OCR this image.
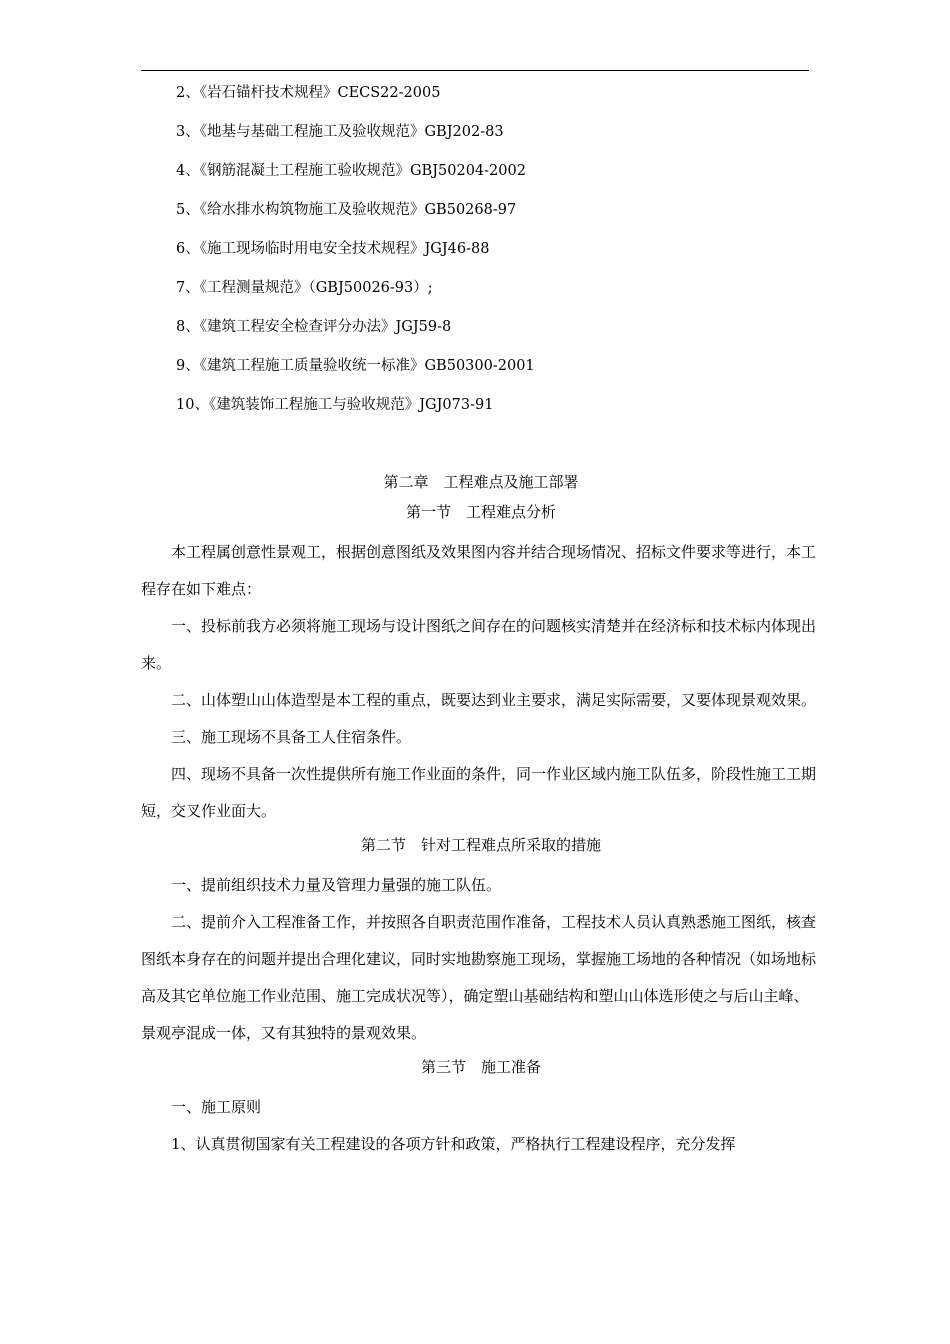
2、《岩石锚杆技术规程》CECS22-2005
3、《地基与基础工程施工及验收规范》GBJ202-83
4、《钢筋混凝土工程施工验收规范》GBJ50204-2002
5、《给水排水构筑物施工及验收规范》GB50268-97
6、《施工现场临时用电安全技术规程》JGJ46-88
7、《工程测量规范》（GBJ50026-93）;
8、《建筑工程安全检查评分办法》JGJ59-8
9、《建筑工程施工质量验收统一标准》GB50300-2001
10、《建筑装饰工程施工与验收规范》JGJ073-91
第二章　工程难点及施工部署
第一节　工程难点分析

本工程属创意性景观工，根据创意图纸及效果图内容并结合现场情况、招标文件要求等进行，本工程存在如下难点：

一、投标前我方必须将施工现场与设计图纸之间存在的问题核实清楚并在经济标和技术标内体现出来。

二、山体塑山山体造型是本工程的重点，既要达到业主要求，满足实际需要，又要体现景观效果。

三、施工现场不具备工人住宿条件。

四、现场不具备一次性提供所有施工作业面的条件，同一作业区域内施工队伍多，阶段性施工工期短，交叉作业面大。

第二节　针对工程难点所采取的措施

一、提前组织技术力量及管理力量强的施工队伍。

二、提前介入工程准备工作，并按照各自职责范围作准备，工程技术人员认真熟悉施工图纸，核查图纸本身存在的问题并提出合理化建议，同时实地勘察施工现场，掌握施工场地的各种情况（如场地标高及其它单位施工作业范围、施工完成状况等），确定塑山基础结构和塑山山体选形使之与后山主峰、景观亭混成一体，又有其独特的景观效果。

第三节　施工准备

一、施工原则

1、认真贯彻国家有关工程建设的各项方针和政策，严格执行工程建设程序，充分发挥
